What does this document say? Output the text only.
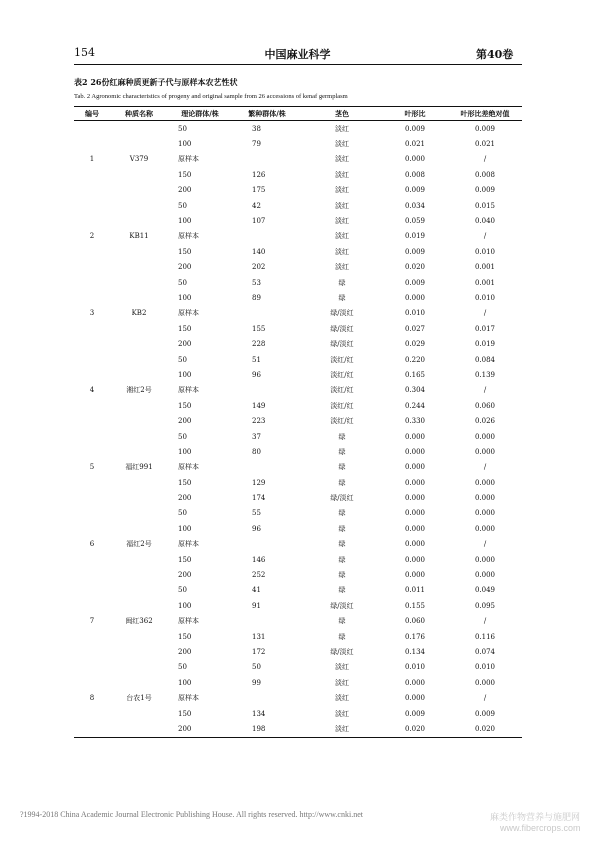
154	中国麻业科学	第40卷
表2 26份红麻种质更新子代与原样本农艺性状
Tab. 2 Agronomic characteristics of progeny and original sample from 26 accessions of kenaf germplasm
编号	种质名称	理论群体/株	繁种群体/株	茎色	叶形比	叶形比差绝对值
1	V379	50	38	淡红	0.009	0.009
		100	79	淡红	0.021	0.021
		原样本		淡红	0.000	/
		150	126	淡红	0.008	0.008
		200	175	淡红	0.009	0.009
2	KB11	50	42	淡红	0.034	0.015
		100	107	淡红	0.059	0.040
		原样本		淡红	0.019	/
		150	140	淡红	0.009	0.010
		200	202	淡红	0.020	0.001
3	KB2	50	53	绿	0.009	0.001
		100	89	绿	0.000	0.010
		原样本		绿/淡红	0.010	/
		150	155	绿/淡红	0.027	0.017
		200	228	绿/淡红	0.029	0.019
4	湘红2号	50	51	淡红/红	0.220	0.084
		100	96	淡红/红	0.165	0.139
		原样本		淡红/红	0.304	/
		150	149	淡红/红	0.244	0.060
		200	223	淡红/红	0.330	0.026
5	福红991	50	37	绿	0.000	0.000
		100	80	绿	0.000	0.000
		原样本		绿	0.000	/
		150	129	绿	0.000	0.000
		200	174	绿/淡红	0.000	0.000
6	福红2号	50	55	绿	0.000	0.000
		100	96	绿	0.000	0.000
		原样本		绿	0.000	/
		150	146	绿	0.000	0.000
		200	252	绿	0.000	0.000
7	闽红362	50	41	绿	0.011	0.049
		100	91	绿/淡红	0.155	0.095
		原样本		绿	0.060	/
		150	131	绿	0.176	0.116
		200	172	绿/淡红	0.134	0.074
8	台农1号	50	50	淡红	0.010	0.010
		100	99	淡红	0.000	0.000
		原样本		淡红	0.000	/
		150	134	淡红	0.009	0.009
		200	198	淡红	0.020	0.020
?1994-2018 China Academic Journal Electronic Publishing House. All rights reserved. http://www.cnki.net	麻类作物营养与施肥网
www.fibercrops.com
